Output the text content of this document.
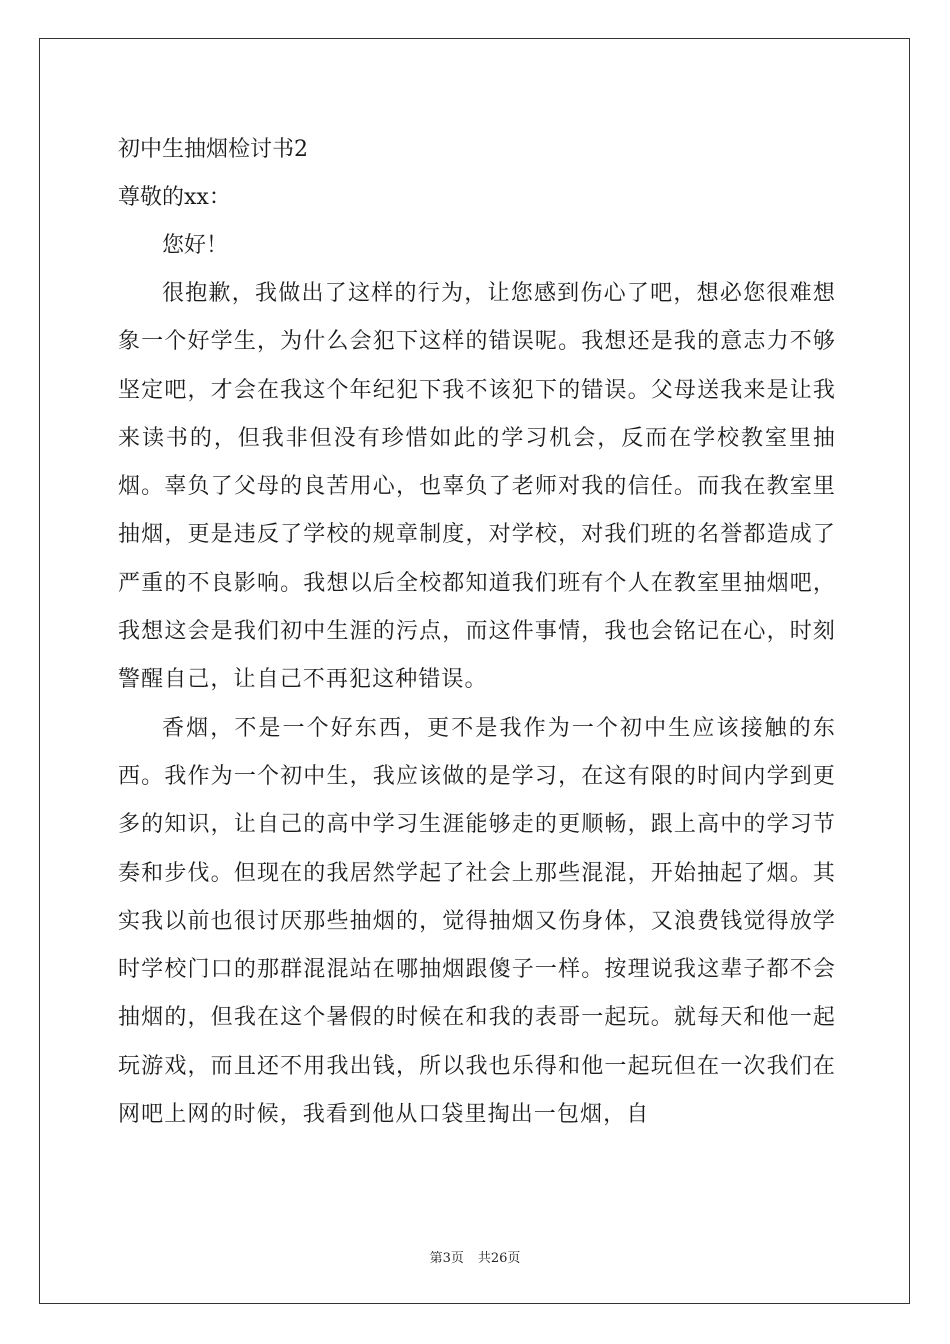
初中生抽烟检讨书2

尊敬的xx：

您好！

很抱歉，我做出了这样的行为，让您感到伤心了吧，想必您很难想象一个好学生，为什么会犯下这样的错误呢。我想还是我的意志力不够坚定吧，才会在我这个年纪犯下我不该犯下的错误。父母送我来是让我来读书的，但我非但没有珍惜如此的学习机会，反而在学校教室里抽烟。辜负了父母的良苦用心，也辜负了老师对我的信任。而我在教室里抽烟，更是违反了学校的规章制度，对学校，对我们班的名誉都造成了严重的不良影响。我想以后全校都知道我们班有个人在教室里抽烟吧，我想这会是我们初中生涯的污点，而这件事情，我也会铭记在心，时刻警醒自己，让自己不再犯这种错误。

香烟，不是一个好东西，更不是我作为一个初中生应该接触的东西。我作为一个初中生，我应该做的是学习，在这有限的时间内学到更多的知识，让自己的高中学习生涯能够走的更顺畅，跟上高中的学习节奏和步伐。但现在的我居然学起了社会上那些混混，开始抽起了烟。其实我以前也很讨厌那些抽烟的，觉得抽烟又伤身体，又浪费钱觉得放学时学校门口的那群混混站在哪抽烟跟傻子一样。按理说我这辈子都不会抽烟的，但我在这个暑假的时候在和我的表哥一起玩。就每天和他一起玩游戏，而且还不用我出钱，所以我也乐得和他一起玩但在一次我们在网吧上网的时候，我看到他从口袋里掏出一包烟，自

第3页 共26页
